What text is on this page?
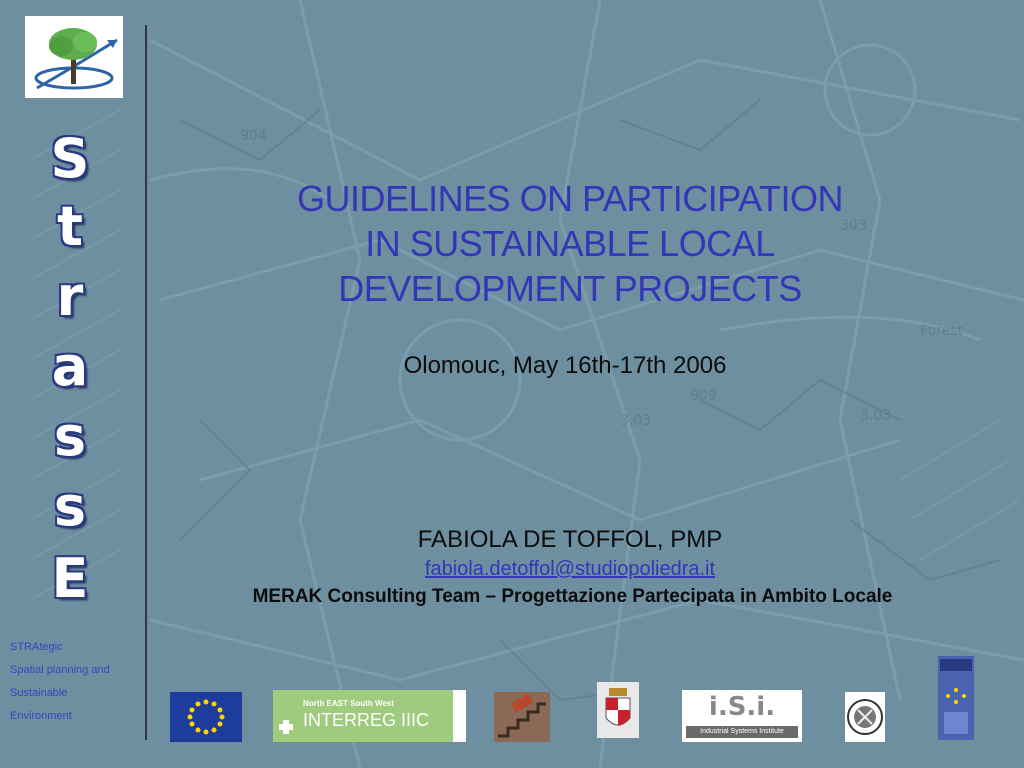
904
3.03
303
3.03
909
Forest
S
t
r
a
s
s
E
STRAtegic
Spatial planning and
Sustainable
Environment
GUIDELINES ON PARTICIPATION
IN SUSTAINABLE LOCAL
DEVELOPMENT PROJECTS
Olomouc, May 16th-17th 2006
FABIOLA DE TOFFOL, PMP
fabiola.detoffol@studiopoliedra.it
MERAK Consulting Team – Progettazione Partecipata in Ambito Locale
North EAST South West
INTERREG IIIC	i.S.i.
Industrial Systems Institute
